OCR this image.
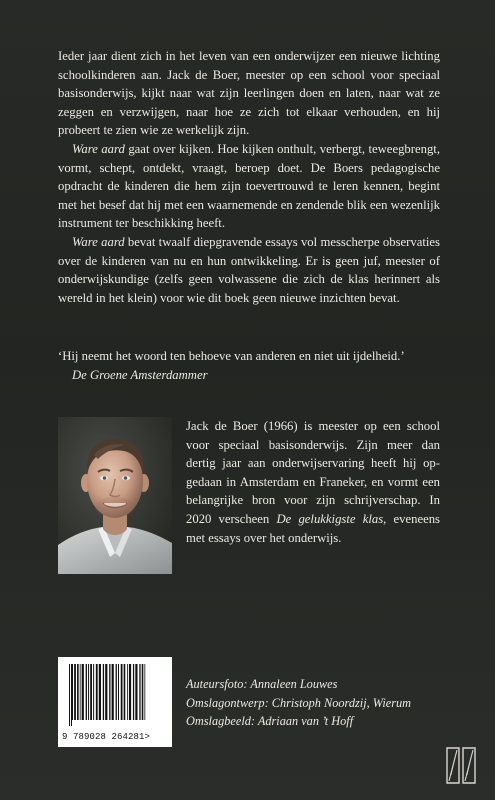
Ieder jaar dient zich in het leven van een onderwijzer een nieuwe lichting schoolkinderen aan. Jack de Boer, meester op een school voor speciaal basisonderwijs, kijkt naar wat zijn leerlingen doen en laten, naar wat ze zeggen en verzwijgen, naar hoe ze zich tot elkaar verhouden, en hij probeert te zien wie ze werkelijk zijn.

Ware aard gaat over kijken. Hoe kijken onthult, verbergt, teweegbrengt, vormt, schept, ontdekt, vraagt, beroep doet. De Boers pedagogische opdracht de kinderen die hem zijn toevertrouwd te leren kennen, begint met het besef dat hij met een waarnemende en zendende blik een wezenlijk instrument ter beschikking heeft.

Ware aard bevat twaalf diepgravende essays vol messcherpe observaties over de kinderen van nu en hun ontwikkeling. Er is geen juf, meester of onderwijskundige (zelfs geen volwassene die zich de klas herinnert als wereld in het klein) voor wie dit boek geen nieuwe inzichten bevat.

‘Hij neemt het woord ten behoeve van anderen en niet uit ijdelheid.’
De Groene Amsterdammer
Jack de Boer (1966) is meester op een school voor speciaal basisonderwijs. Zijn meer dan dertig jaar aan onderwijservaring heeft hij opgedaan in Amsterdam en Franeker, en vormt een belangrijke bron voor zijn schrijverschap. In 2020 verscheen De gelukkigste klas, eveneens met essays over het onderwijs.
9 789028 264281>
Auteursfoto: Annaleen Louwes
Omslagontwerp: Christoph Noordzij, Wierum
Omslagbeeld: Adriaan van ’t Hoff
